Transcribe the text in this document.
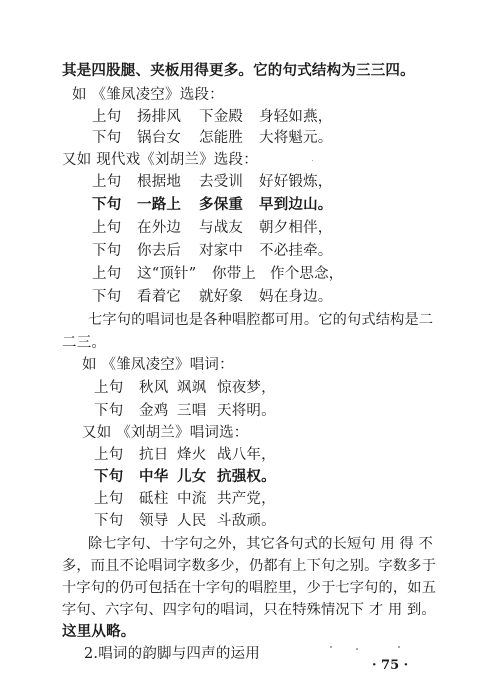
其是四股腿、夹板用得更多。它的句式结构为三三四。
如 《雏凤凌空》选段：
上句 扬排风 下金殿 身轻如燕，
下句 锅台女 怎能胜 大将魁元。
又如 现代戏《刘胡兰》选段：
上句 根据地 去受训 好好锻炼，
下句 一路上 多保重 早到边山。
上句 在外边 与战友 朝夕相伴，
下句 你去后 对家中 不必挂牵。
上句 这“顶针” 你带上 作个思念，
下句 看着它 就好象 妈在身边。
七字句的唱词也是各种唱腔都可用。它的句式结构是二
二三。
如 《雏凤凌空》唱词：
上句 秋风 飒飒 惊夜梦，
下句 金鸡 三唱 天将明。
又如 《刘胡兰》唱词选：
上句 抗日 烽火 战八年，
下句 中华 儿女 抗强权。
上句 砥柱 中流 共产党，
下句 领导 人民 斗敌顽。
除七字句、十字句之外，其它各句式的长短句 用 得 不
多，而且不论唱词字数多少，仍都有上下句之别。字数多于
十字句的仍可包括在十字句的唱腔里，少于七字句的，如五
字句、六字句、四字句的唱词，只在特殊情况下 才 用 到。
这里从略。
2.唱词的韵脚与四声的运用
· 75 ·
